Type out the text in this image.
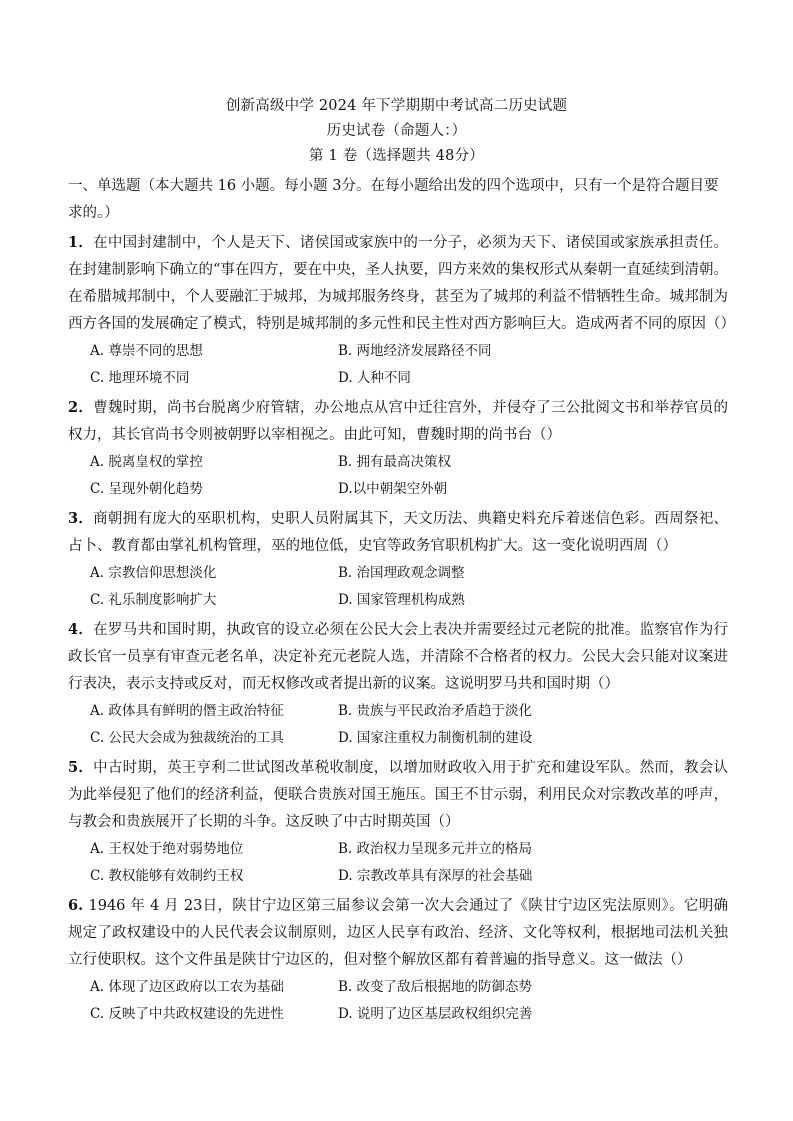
创新高级中学 2024 年下学期期中考试高二历史试题
历史试卷（命题人：）
第 1 卷（选择题共 48分）
一、单选题（本大题共 16 小题。每小题 3分。在每小题给出发的四个选项中，只有一个是符合题目要
求的。）
1．在中国封建制中，个人是天下、诸侯国或家族中的一分子，必须为天下、诸侯国或家族承担责任。在封建制影响下确立的“事在四方，要在中央，圣人执要，四方来效的集权形式从秦朝一直延续到清朝。在希腊城邦制中，个人要融汇于城邦，为城邦服务终身，甚至为了城邦的利益不惜牺牲生命。城邦制为西方各国的发展确定了模式，特别是城邦制的多元性和民主性对西方影响巨大。造成两者不同的原因（）
A. 尊崇不同的思想	B. 两地经济发展路径不同
C. 地理环境不同	D. 人种不同
2．曹魏时期，尚书台脱离少府管辖，办公地点从宫中迁往宫外，并侵夺了三公批阅文书和举荐官员的权力，其长官尚书令则被朝野以宰相视之。由此可知，曹魏时期的尚书台（）
A. 脱离皇权的掌控	B. 拥有最高决策权
C. 呈现外朝化趋势	D.以中朝架空外朝
3．商朝拥有庞大的巫职机构，史职人员附属其下，天文历法、典籍史料充斥着迷信色彩。西周祭祀、占卜、教育都由掌礼机构管理，巫的地位低，史官等政务官职机构扩大。这一变化说明西周（）
A. 宗教信仰思想淡化	B. 治国理政观念调整
C. 礼乐制度影响扩大	D. 国家管理机构成熟
4．在罗马共和国时期，执政官的设立必须在公民大会上表决并需要经过元老院的批准。监察官作为行政长官一员享有审查元老名单，决定补充元老院人选，并清除不合格者的权力。公民大会只能对议案进行表决，表示支持或反对，而无权修改或者提出新的议案。这说明罗马共和国时期（）
A. 政体具有鲜明的僭主政治特征	B. 贵族与平民政治矛盾趋于淡化
C. 公民大会成为独裁统治的工具	D. 国家注重权力制衡机制的建设
5．中古时期，英王亨利二世试图改革税收制度，以增加财政收入用于扩充和建设军队。然而，教会认为此举侵犯了他们的经济利益，便联合贵族对国王施压。国王不甘示弱，利用民众对宗教改革的呼声，与教会和贵族展开了长期的斗争。这反映了中古时期英国（）
A. 王权处于绝对弱势地位	B. 政治权力呈现多元并立的格局
C. 教权能够有效制约王权	D. 宗教改革具有深厚的社会基础
6. 1946 年 4 月 23日，陕甘宁边区第三届参议会第一次大会通过了《陕甘宁边区宪法原则》。它明确规定了政权建设中的人民代表会议制原则，边区人民享有政治、经济、文化等权利，根据地司法机关独立行使职权。这个文件虽是陕甘宁边区的，但对整个解放区都有着普遍的指导意义。这一做法（）
A. 体现了边区政府以工农为基础	B. 改变了敌后根据地的防御态势
C. 反映了中共政权建设的先进性	D. 说明了边区基层政权组织完善
